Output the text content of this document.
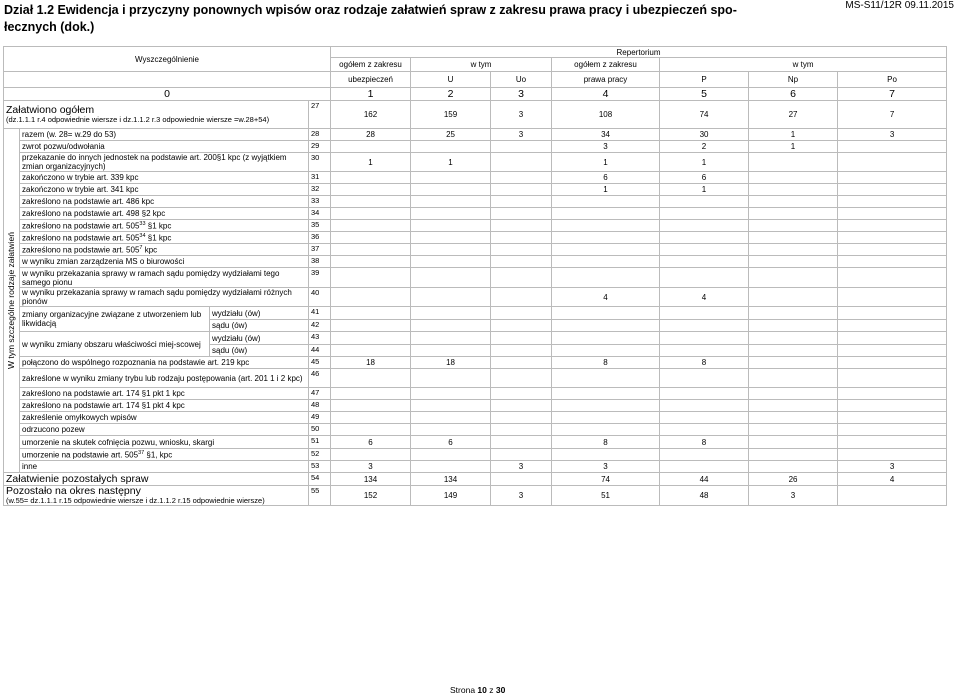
MS-S11/12R 09.11.2015
Dział 1.2 Ewidencja i przyczyny ponownych wpisów oraz rodzaje załatwień spraw z zakresu prawa pracy i ubezpieczeń spo-
łecznych (dok.)
Wyszczególnienie				Repertorium						
				ogółem z zakresu	w tym		ogółem z zakresu	w tym		
				ubezpieczeń	U	Uo	prawa pracy	P	Np	Po
0				1	2	3	4	5	6	7

Załatwiono ogółem
(dz.1.1.1 r.4 odpowiednie wiersze i dz.1.1.2 r.3 odpowiednie wiersze =w.28+54)			27	162	159	3	108	74	27	7

W tym szczególne rodzaje załatwień	razem (w. 28= w.29 do 53)		28	28	25	3	34	30	1	3
	zwrot pozwu/odwołania		29				3	2	1	
	przekazanie do innych jednostek na podstawie art. 200§1 kpc (z wyjątkiem zmian organizacyjnych)		30	1	1		1	1		
	zakończono w trybie art. 339 kpc		31				6	6		
	zakończono w trybie art. 341 kpc		32				1	1		
	zakreślono na podstawie art. 486 kpc		33							
	zakreślono na podstawie art. 498 §2 kpc		34							
	zakreślono na podstawie art. $505^{33}$ §1 kpc		35							
	zakreślono na podstawie art. $505^{34}$ §1 kpc		36							
	zakreślono na podstawie art. $505^7$ kpc		37							
	w wyniku zmian zarządzenia MS o biurowości		38							
	w wyniku przekazania sprawy w ramach sądu pomiędzy wydziałami tego samego pionu		39							
	w wyniku przekazania sprawy w ramach sądu pomiędzy wydziałami różnych pionów		40				4	4		
	zmiany organizacyjne związane z utworzeniem lub likwidacją	wydziału (ów)	41							
		sądu (ów)	42							
	w wyniku zmiany obszaru właściwości miej-scowej	wydziału (ów)	43							
		sądu (ów)	44							
	połączono do wspólnego rozpoznania na podstawie art. 219 kpc		45	18	18		8	8		
	zakreślone w wyniku zmiany trybu lub rodzaju postępowania (art. 201 1 i 2 kpc)		46							
	zakreślono na podstawie art. 174 §1 pkt 1 kpc		47							
	zakreślono na podstawie art. 174 §1 pkt 4 kpc		48							
	zakreślenie omyłkowych wpisów		49							
	odrzucono pozew		50							
	umorzenie na skutek cofnięcia pozwu, wniosku, skargi		51	6	6		8	8		
	umorzenie na podstawie art. $505^{37}$ §1, kpc		52							
	inne		53	3		3	3			3

Załatwienie pozostałych spraw			54	134	134		74	44	26	4

Pozostało na okres następny
(w.55= dz.1.1.1 r.15 odpowiednie wiersze i dz.1.1.2 r.15 odpowiednie wiersze)			55	152	149	3	51	48	3	
Strona 10 z 30
